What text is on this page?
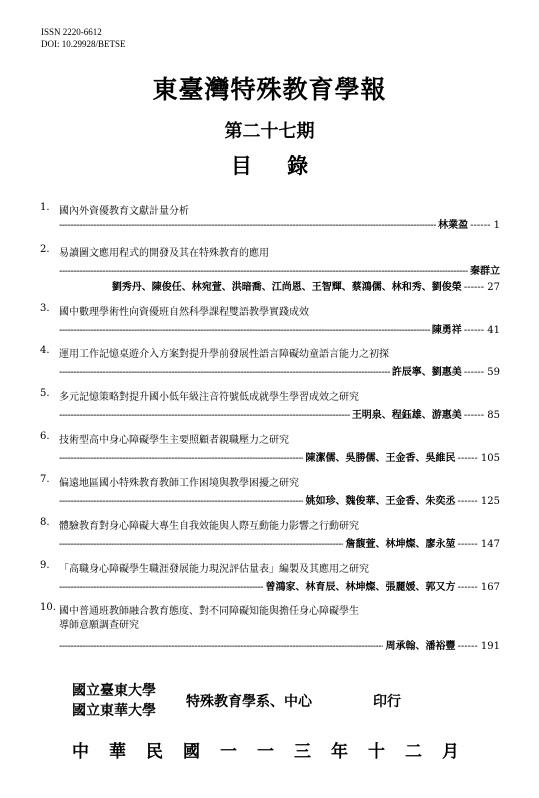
ISSN 2220-6612
DOI: 10.29928/BETSE
東臺灣特殊教育學報
第二十七期
目 錄
1. 國內外資優教育文獻計量分析
-----
林業盈 ------ 1
2. 易讀圖文應用程式的開發及其在特殊教育的應用
-----
秦群立
劉秀丹、陳俊任、林宛萱、洪暗喬、江尚恩、王智輝、蔡鴻儒、林和秀、劉俊榮 ------ 27
3. 國中數理學術性向資優班自然科學課程雙語教學實踐成效
-----
陳勇祥 ------ 41
4. 運用工作記憶桌遊介入方案對提升學前發展性語言障礙幼童語言能力之初探
-----
許辰寧、劉惠美 ------ 59
5. 多元記憶策略對提升國小低年級注音符號低成就學生學習成效之研究
-----
王明泉、程鈺雄、游惠美 ------ 85
6. 技術型高中身心障礙學生主要照顧者親職壓力之研究
-----
陳潔儒、吳勝儒、王金香、吳維民 ------ 105
7. 偏遠地區國小特殊教育教師工作困境與教學困擾之研究
-----
姚如珍、魏俊華、王金香、朱奕丞 ------ 125
8. 體驗教育對身心障礙大專生自我效能與人際互動能力影響之行動研究
-----
詹馥萱、林坤燦、廖永堃 ------ 147
9. 「高職身心障礙學生職涯發展能力現況評估量表」編製及其應用之研究
-----
曾鴻家、林育辰、林坤燦、張麗媛、郭又方 ------ 167
10. 國中普通班教師融合教育態度、對不同障礙知能與擔任身心障礙學生
導師意願調查研究
-----
周承翰、潘裕豐 ------ 191
國立臺東大學
國立東華大學
特殊教育學系、中心	印行
中華民國一一三年十二月
